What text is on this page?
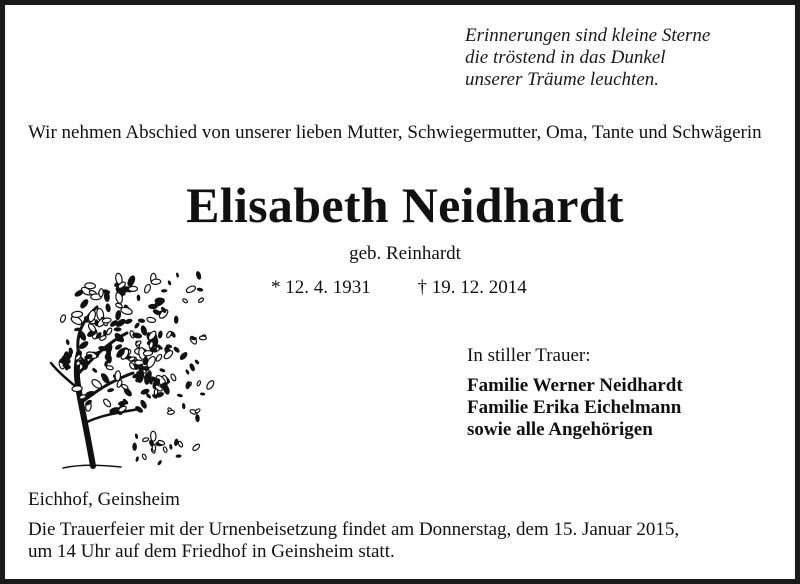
Erinnerungen sind kleine Sterne
die tröstend in das Dunkel
unserer Träume leuchten.
Wir nehmen Abschied von unserer lieben Mutter, Schwiegermutter, Oma, Tante und Schwägerin
Elisabeth Neidhardt
geb. Reinhardt
* 12. 4. 1931 † 19. 12. 2014
In stiller Trauer:
Familie Werner Neidhardt
Familie Erika Eichelmann
sowie alle Angehörigen
Eichhof, Geinsheim
Die Trauerfeier mit der Urnenbeisetzung findet am Donnerstag, dem 15. Januar 2015,
um 14 Uhr auf dem Friedhof in Geinsheim statt.
